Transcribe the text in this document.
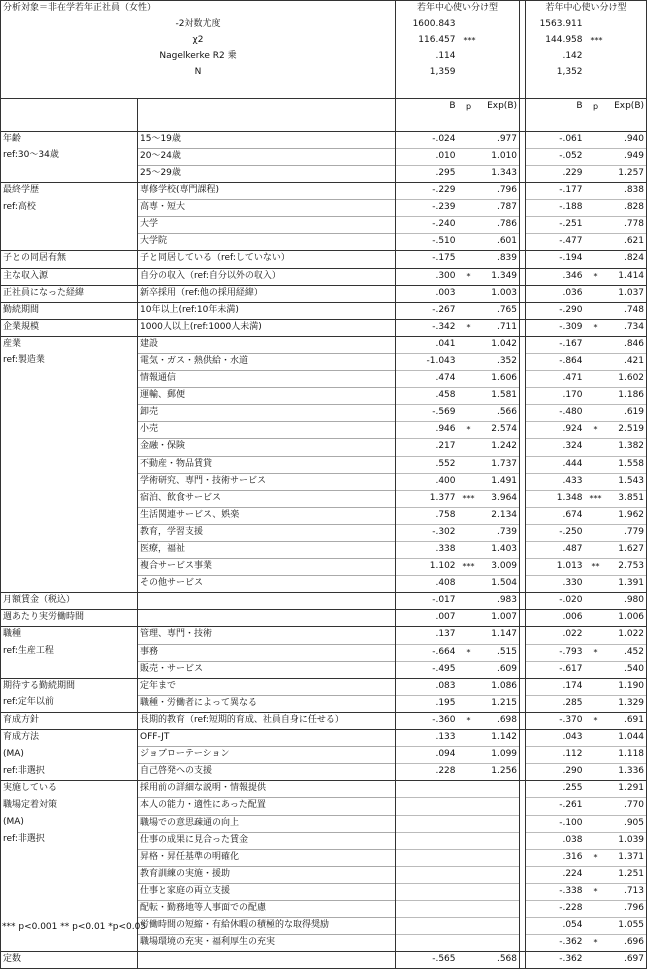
分析対象＝非在学若年正社員（女性）		若年中心使い分け型				若年中心使い分け型		
-2対数尤度		1600.843				1563.911		
χ2		116.457	***			144.958	***	
Nagelkerke R2 乗		.114				.142		
N		1,359				1,352		

		B	p	Exp(B)		B	p	Exp(B)

年齢	15～19歳	-.024		.977		-.061		.940
ref:30～34歳	20～24歳	.010		1.010		-.052		.949
	25～29歳	.295		1.343		.229		1.257
最終学歴	専修学校(専門課程)	-.229		.796		-.177		.838
ref:高校	高専・短大	-.239		.787		-.188		.828
	大学	-.240		.786		-.251		.778
	大学院	-.510		.601		-.477		.621
子との同居有無	子と同居している（ref:していない）	-.175		.839		-.194		.824
主な収入源	自分の収入（ref:自分以外の収入）	.300	*	1.349		.346	*	1.414
正社員になった経緯	新卒採用（ref:他の採用経緯）	.003		1.003		.036		1.037
勤続期間	10年以上(ref:10年未満)	-.267		.765		-.290		.748
企業規模	1000人以上(ref:1000人未満)	-.342	*	.711		-.309	*	.734
産業	建設	.041		1.042		-.167		.846
ref:製造業	電気・ガス・熱供給・水道	-1.043		.352		-.864		.421
	情報通信	.474		1.606		.471		1.602
	運輸、郵便	.458		1.581		.170		1.186
	卸売	-.569		.566		-.480		.619
	小売	.946	*	2.574		.924	*	2.519
	金融・保険	.217		1.242		.324		1.382
	不動産・物品賃貸	.552		1.737		.444		1.558
	学術研究、専門・技術サービス	.400		1.491		.433		1.543
	宿泊、飲食サービス	1.377	***	3.964		1.348	***	3.851
	生活関連サービス、娯楽	.758		2.134		.674		1.962
	教育，学習支援	-.302		.739		-.250		.779
	医療，福祉	.338		1.403		.487		1.627
	複合サービス事業	1.102	***	3.009		1.013	**	2.753
	その他サービス	.408		1.504		.330		1.391
月額賃金（税込）		-.017		.983		-.020		.980
週あたり実労働時間		.007		1.007		.006		1.006
職種	管理、専門・技術	.137		1.147		.022		1.022
ref:生産工程	事務	-.664	*	.515		-.793	*	.452
	販売・サービス	-.495		.609		-.617		.540
期待する勤続期間	定年まで	.083		1.086		.174		1.190
ref:定年以前	職種・労働者によって異なる	.195		1.215		.285		1.329
育成方針	長期的教育（ref:短期的育成、社員自身に任せる）	-.360	*	.698		-.370	*	.691
育成方法	OFF-JT	.133		1.142		.043		1.044
(MA)	ジョブローテーション	.094		1.099		.112		1.118
ref:非選択	自己啓発への支援	.228		1.256		.290		1.336
実施している	採用前の詳細な説明・情報提供					.255		1.291
職場定着対策	本人の能力・適性にあった配置					-.261		.770
(MA)	職場での意思疎通の向上					-.100		.905
ref:非選択	仕事の成果に見合った賃金					.038		1.039
	昇格・昇任基準の明確化					.316	*	1.371
	教育訓練の実施・援助					.224		1.251
	仕事と家庭の両立支援					-.338	*	.713
	配転・勤務地等人事面での配慮					-.228		.796
	労働時間の短縮・有給休暇の積極的な取得奨励					.054		1.055
	職場環境の充実・福利厚生の充実					-.362	*	.696
定数		-.565		.568		-.362		.697
*** p<0.001 ** p<0.01 *p<0.05
